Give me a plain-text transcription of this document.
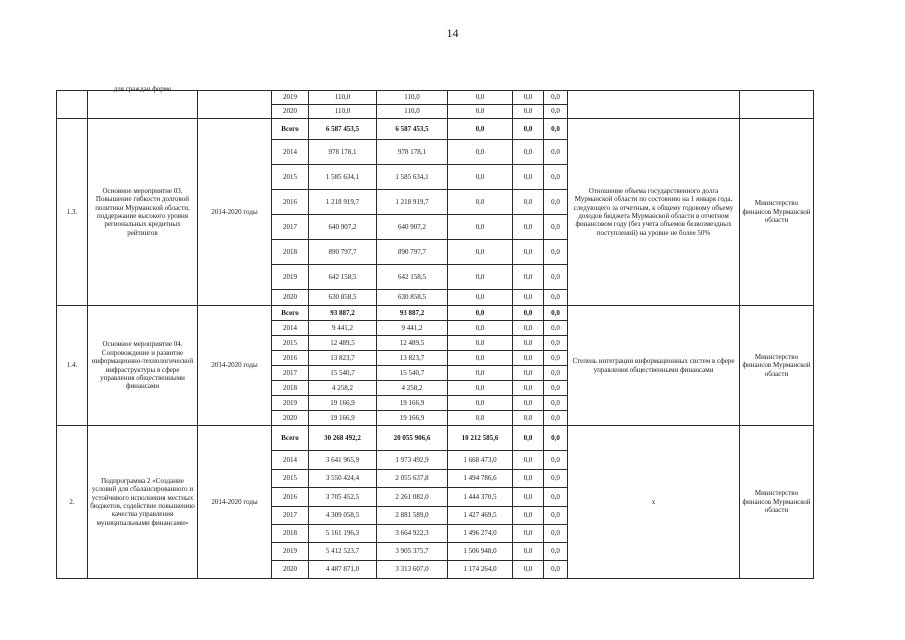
14

	для граждан форме		2019	110,0	110,0	0,0	0,0	0,0		
			2020	110,0	110,0	0,0	0,0	0,0		
1.3.	Основное мероприятие 03. Повышение гибкости долговой политики Мурманской области, поддержание высокого уровня региональных кредитных рейтингов	2014-2020 годы	Всего	6 587 453,5	6 587 453,5	0,0	0,0	0,0	Отношение объема государственного долга Мурманской области по состоянию на 1 января года, следующего за отчетным, к общему годовому объему доходов бюджета Мурманской области в отчетном финансовом году (без учета объемов безвозмездных поступлений) на уровне не более 50%	Министерство финансов Мурманской области
			2014	978 178,1	978 178,1	0,0	0,0	0,0		
			2015	1 585 634,1	1 585 634,1	0,0	0,0	0,0		
			2016	1 218 919,7	1 218 919,7	0,0	0,0	0,0		
			2017	640 907,2	640 907,2	0,0	0,0	0,0		
			2018	890 797,7	890 797,7	0,0	0,0	0,0		
			2019	642 158,5	642 158,5	0,0	0,0	0,0		
			2020	630 858,5	630 858,5	0,0	0,0	0,0		
1.4.	Основное мероприятие 04. Сопровождение и развитие информационно-технологической инфраструктуры в сфере управления общественными финансами	2014-2020 годы	Всего	93 887,2	93 887,2	0,0	0,0	0,0	Степень интеграции информационных систем в сфере управления общественными финансами	Министерство финансов Мурманской области
			2014	9 441,2	9 441,2	0,0	0,0	0,0		
			2015	12 489,5	12 489,5	0,0	0,0	0,0		
			2016	13 823,7	13 823,7	0,0	0,0	0,0		
			2017	15 540,7	15 540,7	0,0	0,0	0,0		
			2018	4 258,2	4 258,2	0,0	0,0	0,0		
			2019	19 166,9	19 166,9	0,0	0,0	0,0		
			2020	19 166,9	19 166,9	0,0	0,0	0,0		
2.	Подпрограмма 2 «Создание условий для сбалансированного и устойчивого исполнения местных бюджетов, содействие повышению качества управления муниципальными финансами»	2014-2020 годы	Всего	30 268 492,2	20 055 906,6	10 212 585,6	0,0	0,0	х	Министерство финансов Мурманской области
			2014	3 641 965,9	1 973 492,9	1 668 473,0	0,0	0,0		
			2015	3 550 424,4	2 055 637,8	1 494 786,6	0,0	0,0		
			2016	3 705 452,5	2 261 082,0	1 444 370,5	0,0	0,0		
			2017	4 309 058,5	2 881 589,0	1 427 469,5	0,0	0,0		
			2018	5 161 196,3	3 664 922,3	1 496 274,0	0,0	0,0		
			2019	5 412 523,7	3 905 375,7	1 506 948,0	0,0	0,0		
			2020	4 487 871,0	3 313 607,0	1 174 264,0	0,0	0,0		
